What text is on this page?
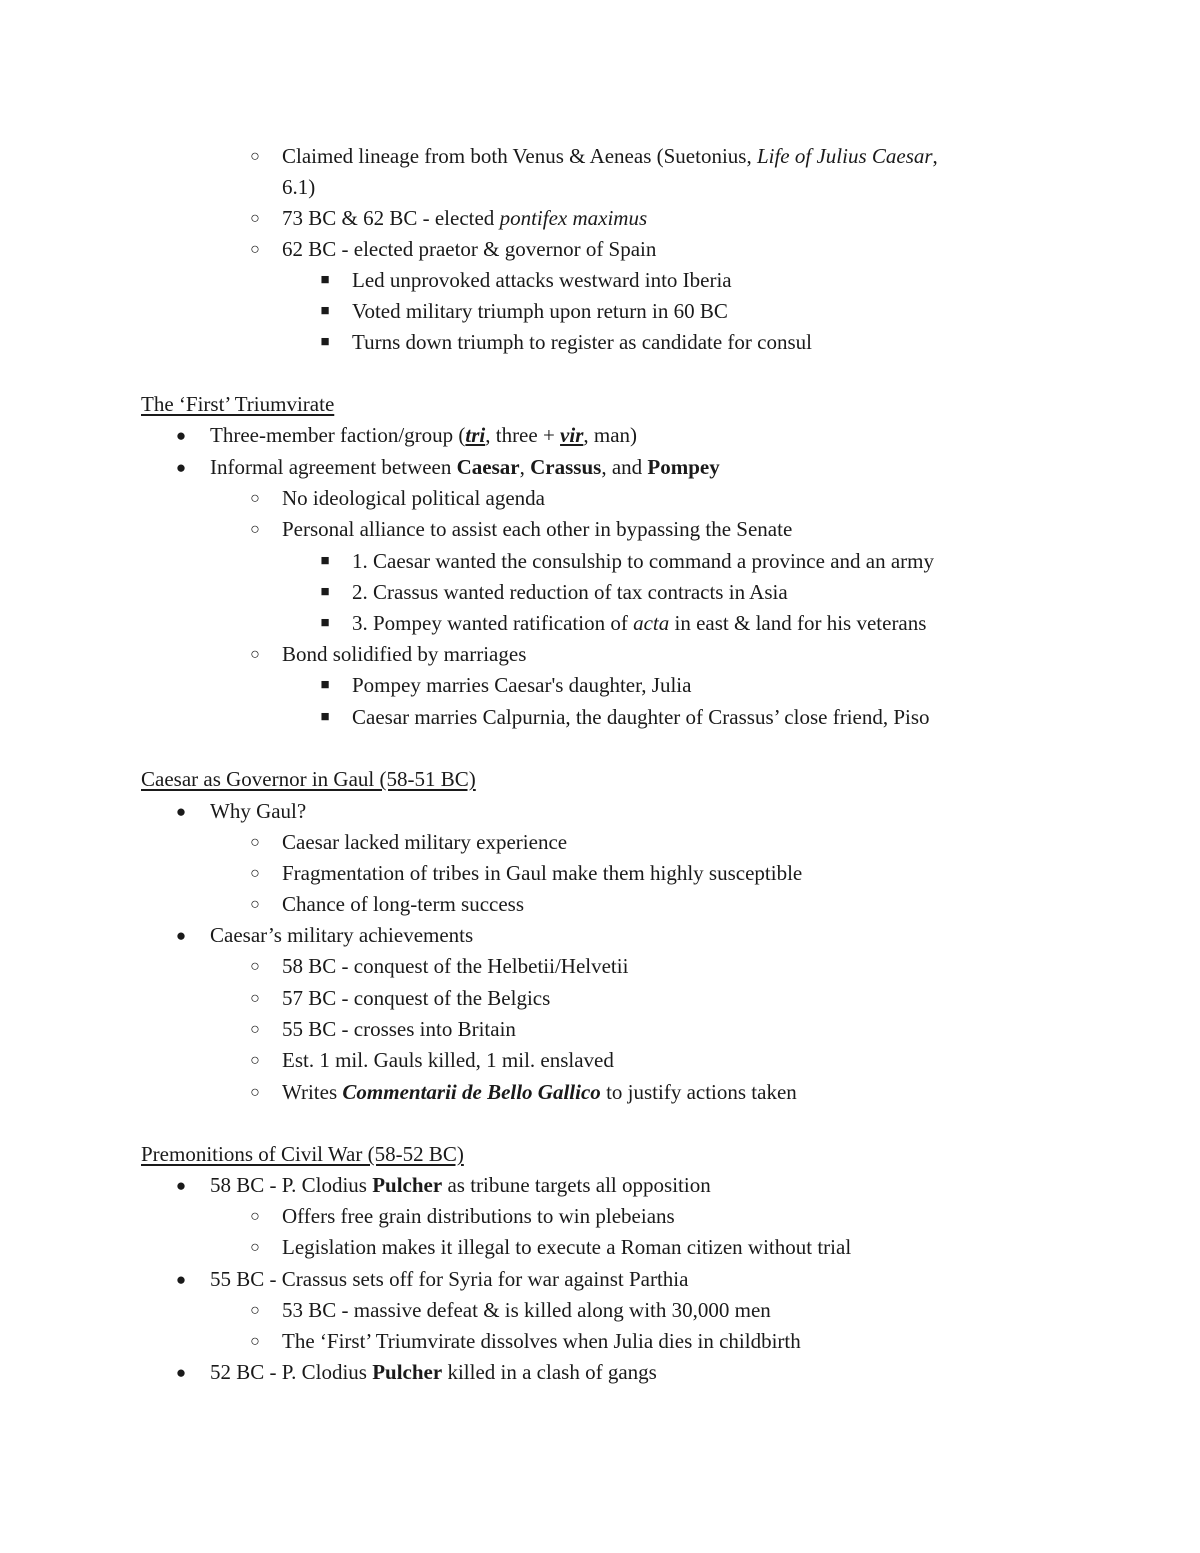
○ Claimed lineage from both Venus & Aeneas (Suetonius, Life of Julius Caesar,
6.1)
○ 73 BC & 62 BC - elected pontifex maximus
○ 62 BC - elected praetor & governor of Spain
■ Led unprovoked attacks westward into Iberia
■ Voted military triumph upon return in 60 BC
■ Turns down triumph to register as candidate for consul
The ‘First’ Triumvirate
● Three-member faction/group (tri, three + vir, man)
● Informal agreement between Caesar, Crassus, and Pompey
○ No ideological political agenda
○ Personal alliance to assist each other in bypassing the Senate
■ 1. Caesar wanted the consulship to command a province and an army
■ 2. Crassus wanted reduction of tax contracts in Asia
■ 3. Pompey wanted ratification of acta in east & land for his veterans
○ Bond solidified by marriages
■ Pompey marries Caesar's daughter, Julia
■ Caesar marries Calpurnia, the daughter of Crassus’ close friend, Piso
Caesar as Governor in Gaul (58-51 BC)
● Why Gaul?
○ Caesar lacked military experience
○ Fragmentation of tribes in Gaul make them highly susceptible
○ Chance of long-term success
● Caesar’s military achievements
○ 58 BC - conquest of the Helbetii/Helvetii
○ 57 BC - conquest of the Belgics
○ 55 BC - crosses into Britain
○ Est. 1 mil. Gauls killed, 1 mil. enslaved
○ Writes Commentarii de Bello Gallico to justify actions taken
Premonitions of Civil War (58-52 BC)
● 58 BC - P. Clodius Pulcher as tribune targets all opposition
○ Offers free grain distributions to win plebeians
○ Legislation makes it illegal to execute a Roman citizen without trial
● 55 BC - Crassus sets off for Syria for war against Parthia
○ 53 BC - massive defeat & is killed along with 30,000 men
○ The ‘First’ Triumvirate dissolves when Julia dies in childbirth
● 52 BC - P. Clodius Pulcher killed in a clash of gangs
